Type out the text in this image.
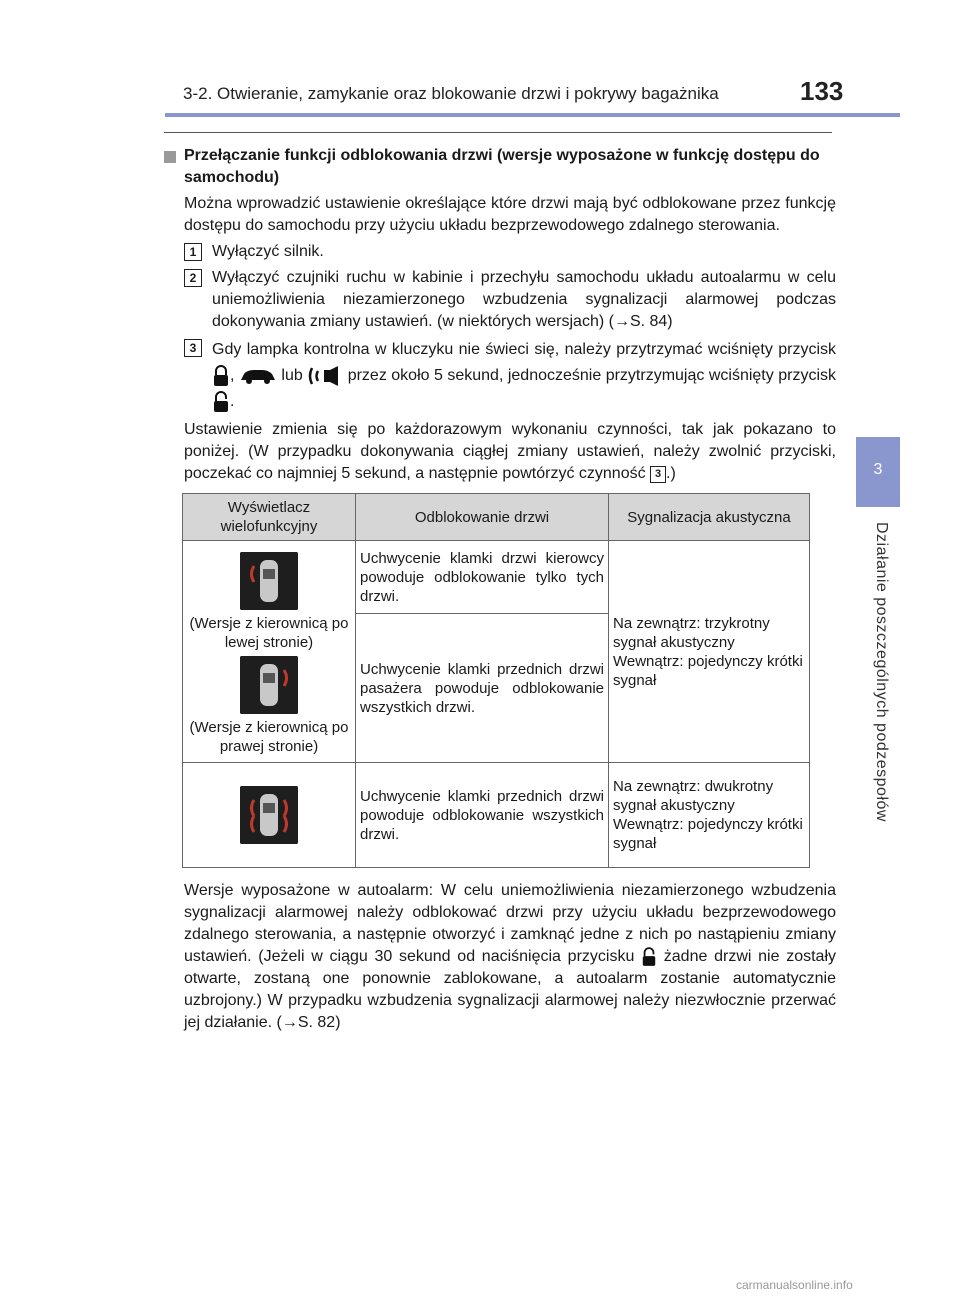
3-2. Otwieranie, zamykanie oraz blokowanie drzwi i pokrywy bagażnika	133
3
Działanie poszczególnych podzespołów
Przełączanie funkcji odblokowania drzwi (wersje wyposażone w funkcję dostępu do samochodu)

Można wprowadzić ustawienie określające które drzwi mają być odblokowane przez funkcję dostępu do samochodu przy użyciu układu bezprzewodowego zdalnego sterowania.

1 Wyłączyć silnik.
2 Wyłączyć czujniki ruchu w kabinie i przechyłu samochodu układu autoalarmu w celu uniemożliwienia niezamierzonego wzbudzenia sygnalizacji alarmowej podczas dokonywania zmiany ustawień. (w niektórych wersjach) (→S. 84)
3 Gdy lampka kontrolna w kluczyku nie świeci się, należy przytrzymać wciśnięty przycisk ,	lub	przez około 5 sekund, jednocześnie przytrzymując wciśnięty przycisk .

Ustawienie zmienia się po każdorazowym wykonaniu czynności, tak jak pokazano to poniżej. (W przypadku dokonywania ciągłej zmiany ustawień, należy zwolnić przyciski, poczekać co najmniej 5 sekund, a następnie powtórzyć czynność 3 .)

Wyświetlacz wielofunkcyjny	Odblokowanie drzwi	Sygnalizacja akustyczna

(Wersje z kierownicą po lewej stronie)
(Wersje z kierownicą po prawej stronie)	Uchwycenie klamki drzwi kierowcy powoduje odblokowanie tylko tych drzwi.	Na zewnątrz: trzykrotny sygnał akustyczny Wewnątrz: pojedynczy krótki sygnał
	Uchwycenie klamki przednich drzwi pasażera powoduje odblokowanie wszystkich drzwi.	

	Uchwycenie klamki przednich drzwi powoduje odblokowanie wszystkich drzwi.	Na zewnątrz: dwukrotny sygnał akustyczny Wewnątrz: pojedynczy krótki sygnał

Wersje wyposażone w autoalarm: W celu uniemożliwienia niezamierzonego wzbudzenia sygnalizacji alarmowej należy odblokować drzwi przy użyciu układu bezprzewodowego zdalnego sterowania, a następnie otworzyć i zamknąć jedne z nich po nastąpieniu zmiany ustawień. (Jeżeli w ciągu 30 sekund od naciśnięcia przycisku żadne drzwi nie zostały otwarte, zostaną one ponownie zablokowane, a autoalarm zostanie automatycznie uzbrojony.) W przypadku wzbudzenia sygnalizacji alarmowej należy niezwłocznie przerwać jej działanie. (→S. 82)

carmanualsonline.info
